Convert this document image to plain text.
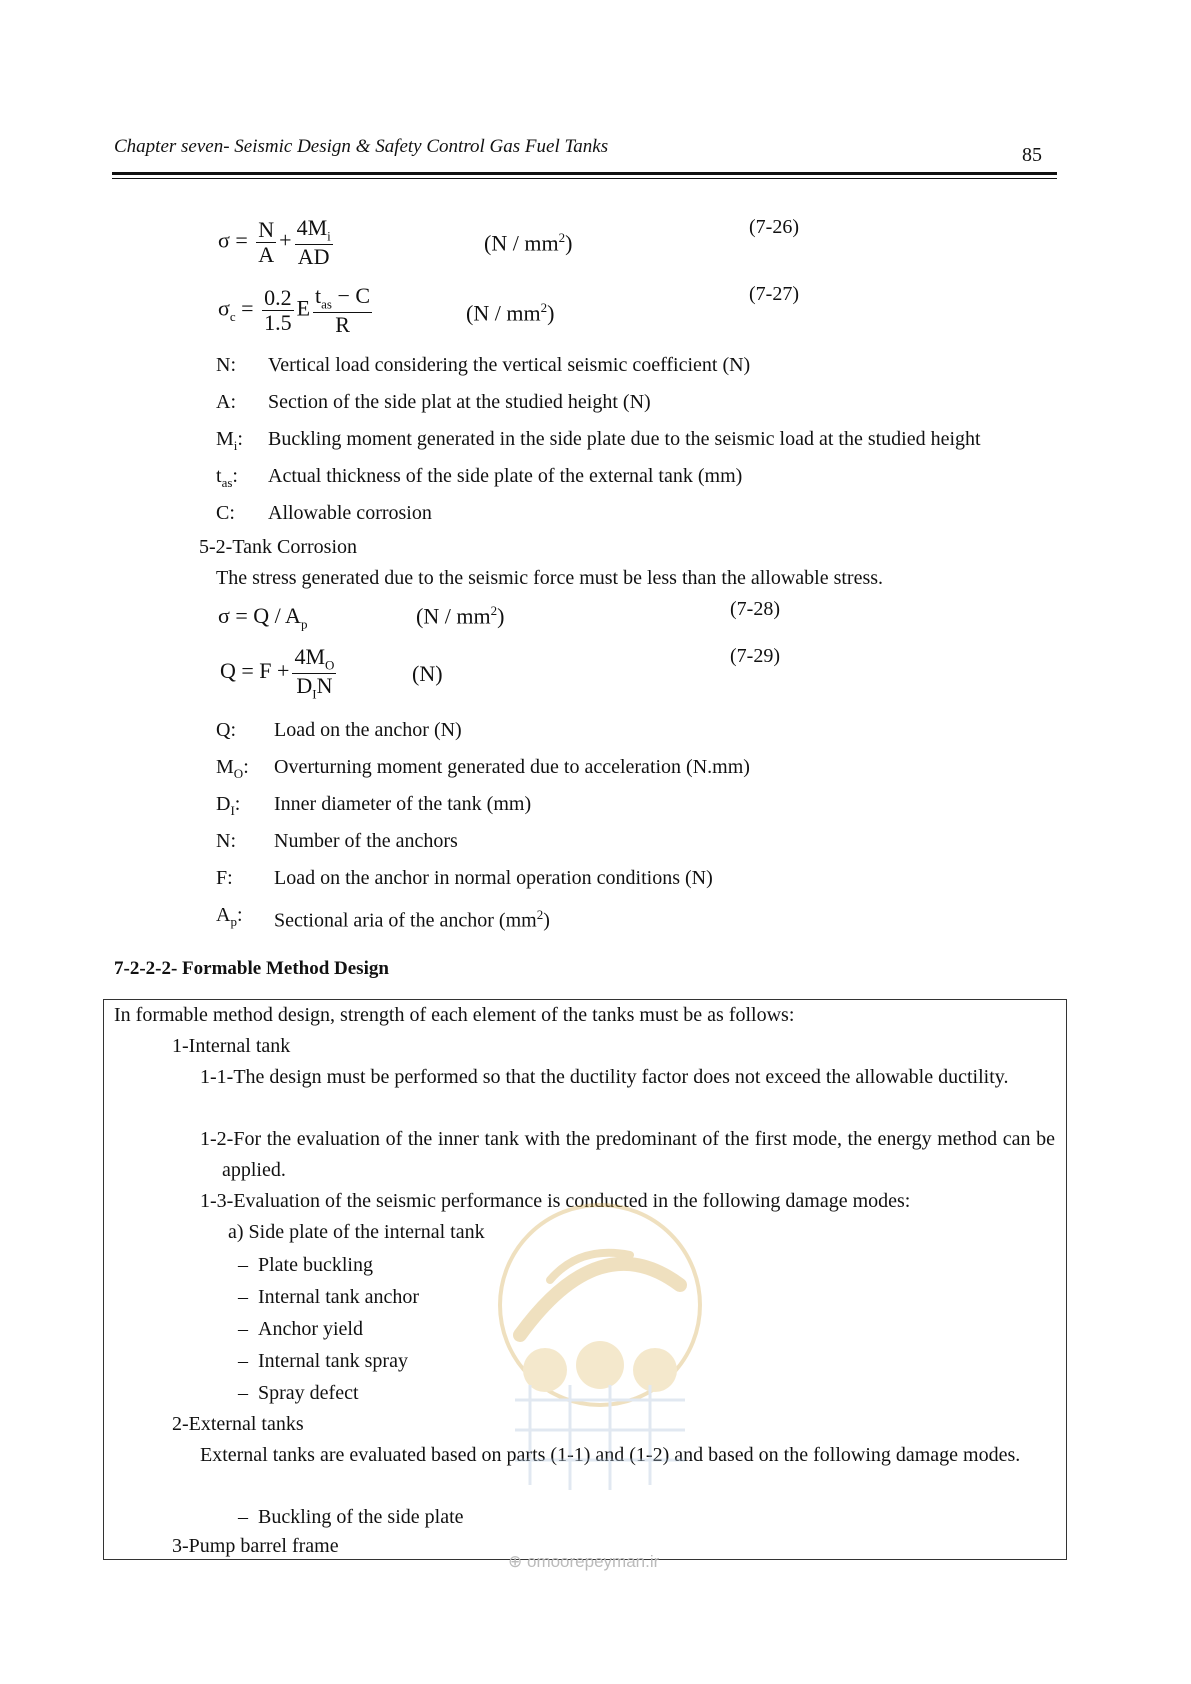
Chapter seven- Seismic Design & Safety Control Gas Fuel Tanks	85
$\sigma = \frac{N}{A} + \frac{4M_i}{AD}$	$(N / mm^2)$
(7-26)
$\sigma_c = \frac{0.2}{1.5}$ E $\frac{t_{as} - C}{R}$	$(N / mm^2)$
(7-27)
N:	Vertical load considering the vertical seismic coefficient (N)
A:	Section of the side plat at the studied height (N)
$M_i$:	Buckling moment generated in the side plate due to the seismic load at the studied height
$t_{as}$:	Actual thickness of the side plate of the external tank (mm)
C:	Allowable corrosion
5-2-Tank Corrosion
The stress generated due to the seismic force must be less than the allowable stress.
$\sigma = Q / A_p$	$(N / mm^2)$	(7-28)
$Q = F + \frac{4M_O}{D_IN}$	(N)
(7-29)
Q:	Load on the anchor (N)
$M_O$:	Overturning moment generated due to acceleration (N.mm)
$D_I$:	Inner diameter of the tank (mm)
N:	Number of the anchors
F:	Load on the anchor in normal operation conditions (N)
$A_p$:	Sectional aria of the anchor $(mm^2)$
7-2-2-2- Formable Method Design
In formable method design, strength of each element of the tanks must be as follows:
1-Internal tank
1-1-The design must be performed so that the ductility factor does not exceed the allowable ductility.
1-2-For the evaluation of the inner tank with the predominant of the first mode, the energy method can be applied.
1-3-Evaluation of the seismic performance is conducted in the following damage modes:
a) Side plate of the internal tank
– Plate buckling
– Internal tank anchor
– Anchor yield
– Internal tank spray
– Spray defect
2-External tanks
External tanks are evaluated based on parts (1-1) and (1-2) and based on the following damage modes.
– Buckling of the side plate
3-Pump barrel frame
⊕ omoorepeyman.ir
